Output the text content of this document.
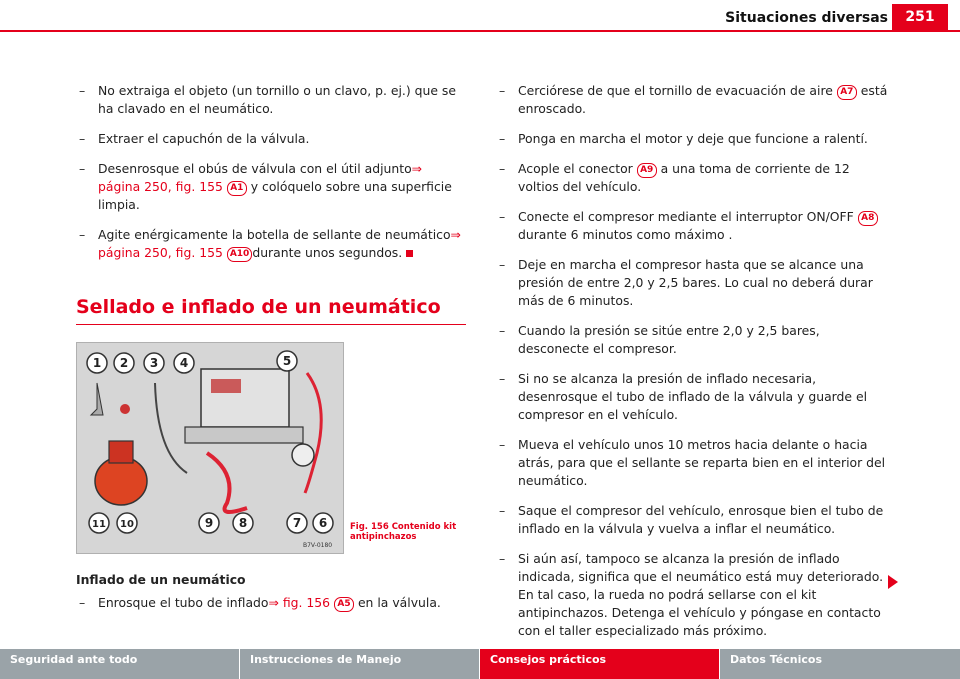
Situaciones diversas	251
– No extraiga el objeto (un tornillo o un clavo, p. ej.) que se ha clavado en el neumático.
– Extraer el capuchón de la válvula.
– Desenrosque el obús de válvula con el útil adjunto⇒ página 250, fig. 155 A1 y colóquelo sobre una superficie limpia.
– Agite enérgicamente la botella de sellante de neumático⇒ página 250, fig. 155 A10 durante unos segundos.
Sellado e inflado de un neumático
1 2 3 4	5
6
7
8
9
10
11
B7V-0180
Fig. 156 Contenido kit antipinchazos
Inflado de un neumático
– Enrosque el tubo de inflado⇒ fig. 156 A5 en la válvula.
– Cerciórese de que el tornillo de evacuación de aire A7 está enroscado.
– Ponga en marcha el motor y deje que funcione a ralentí.
– Acople el conector A9 a una toma de corriente de 12 voltios del vehículo.
– Conecte el compresor mediante el interruptor ON/OFF A8 durante 6 minutos como máximo .
– Deje en marcha el compresor hasta que se alcance una presión de entre 2,0 y 2,5 bares. Lo cual no deberá durar más de 6 minutos.
– Cuando la presión se sitúe entre 2,0 y 2,5 bares, desconecte el compresor.
– Si no se alcanza la presión de inflado necesaria, desenrosque el tubo de inflado de la válvula y guarde el compresor en el vehículo.
– Mueva el vehículo unos 10 metros hacia delante o hacia atrás, para que el sellante se reparta bien en el interior del neumático.
– Saque el compresor del vehículo, enrosque bien el tubo de inflado en la válvula y vuelva a inflar el neumático.
– Si aún así, tampoco se alcanza la presión de inflado indicada, significa que el neumático está muy deteriorado. En tal caso, la rueda no podrá sellarse con el kit antipinchazos. Detenga el vehículo y póngase en contacto con el taller especializado más próximo.
Seguridad ante todo	Instrucciones de Manejo	Consejos prácticos	Datos Técnicos
